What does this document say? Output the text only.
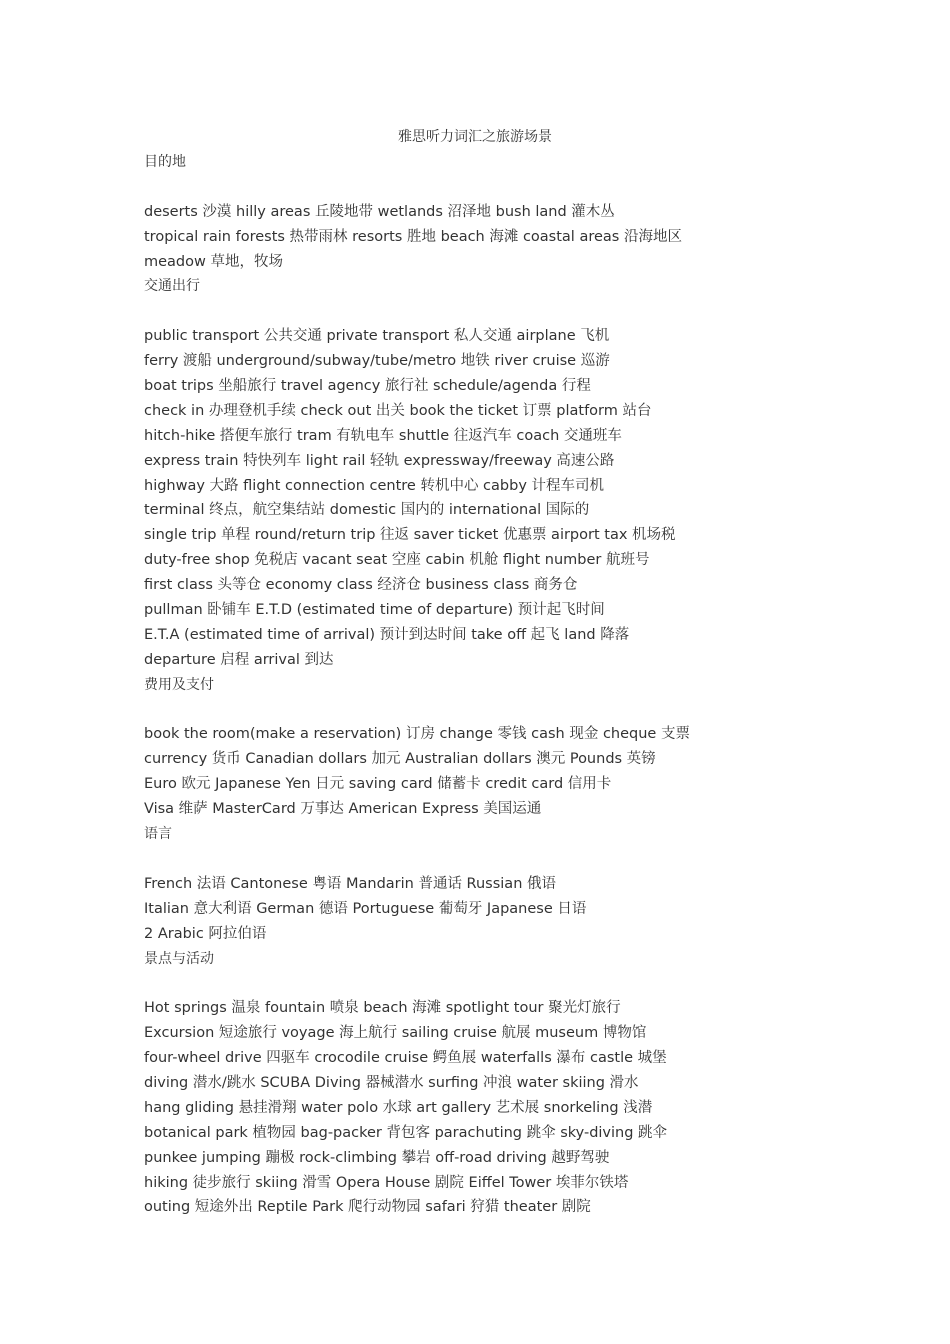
雅思听力词汇之旅游场景
目的地
deserts 沙漠 hilly areas 丘陵地带 wetlands 沼泽地 bush land 灌木丛
tropical rain forests 热带雨林 resorts 胜地 beach 海滩 coastal areas 沿海地区
meadow 草地，牧场
交通出行
public transport 公共交通 private transport 私人交通 airplane 飞机
ferry 渡船 underground/subway/tube/metro 地铁 river cruise 巡游
boat trips 坐船旅行 travel agency 旅行社 schedule/agenda 行程
check in 办理登机手续 check out 出关 book the ticket 订票 platform 站台
hitch-hike 搭便车旅行 tram 有轨电车 shuttle 往返汽车 coach 交通班车
express train 特快列车 light rail 轻轨 expressway/freeway 高速公路
highway 大路 flight connection centre 转机中心 cabby 计程车司机
terminal 终点，航空集结站 domestic 国内的 international 国际的
single trip 单程 round/return trip 往返 saver ticket 优惠票 airport tax 机场税
duty-free shop 免税店 vacant seat 空座 cabin 机舱 flight number 航班号
first class 头等仓 economy class 经济仓 business class 商务仓
pullman 卧铺车 E.T.D (estimated time of departure) 预计起飞时间
E.T.A (estimated time of arrival) 预计到达时间 take off 起飞 land 降落
departure 启程 arrival 到达
费用及支付
book the room(make a reservation) 订房 change 零钱 cash 现金 cheque 支票
currency 货币 Canadian dollars 加元 Australian dollars 澳元 Pounds 英镑
Euro 欧元 Japanese Yen 日元 saving card 储蓄卡 credit card 信用卡
Visa 维萨 MasterCard 万事达 American Express 美国运通
语言
French 法语 Cantonese 粤语 Mandarin 普通话 Russian 俄语
Italian 意大利语 German 德语 Portuguese 葡萄牙 Japanese 日语
2 Arabic 阿拉伯语
景点与活动
Hot springs 温泉 fountain 喷泉 beach 海滩 spotlight tour 聚光灯旅行
Excursion 短途旅行 voyage 海上航行 sailing cruise 航展 museum 博物馆
four-wheel drive 四驱车 crocodile cruise 鳄鱼展 waterfalls 瀑布 castle 城堡
diving 潜水/跳水 SCUBA Diving 器械潜水 surfing 冲浪 water skiing 滑水
hang gliding 悬挂滑翔 water polo 水球 art gallery 艺术展 snorkeling 浅潜
botanical park 植物园 bag-packer 背包客 parachuting 跳伞 sky-diving 跳伞
punkee jumping 蹦极 rock-climbing 攀岩 off-road driving 越野驾驶
hiking 徒步旅行 skiing 滑雪 Opera House 剧院 Eiffel Tower 埃菲尔铁塔
outing 短途外出 Reptile Park 爬行动物园 safari 狩猎 theater 剧院
